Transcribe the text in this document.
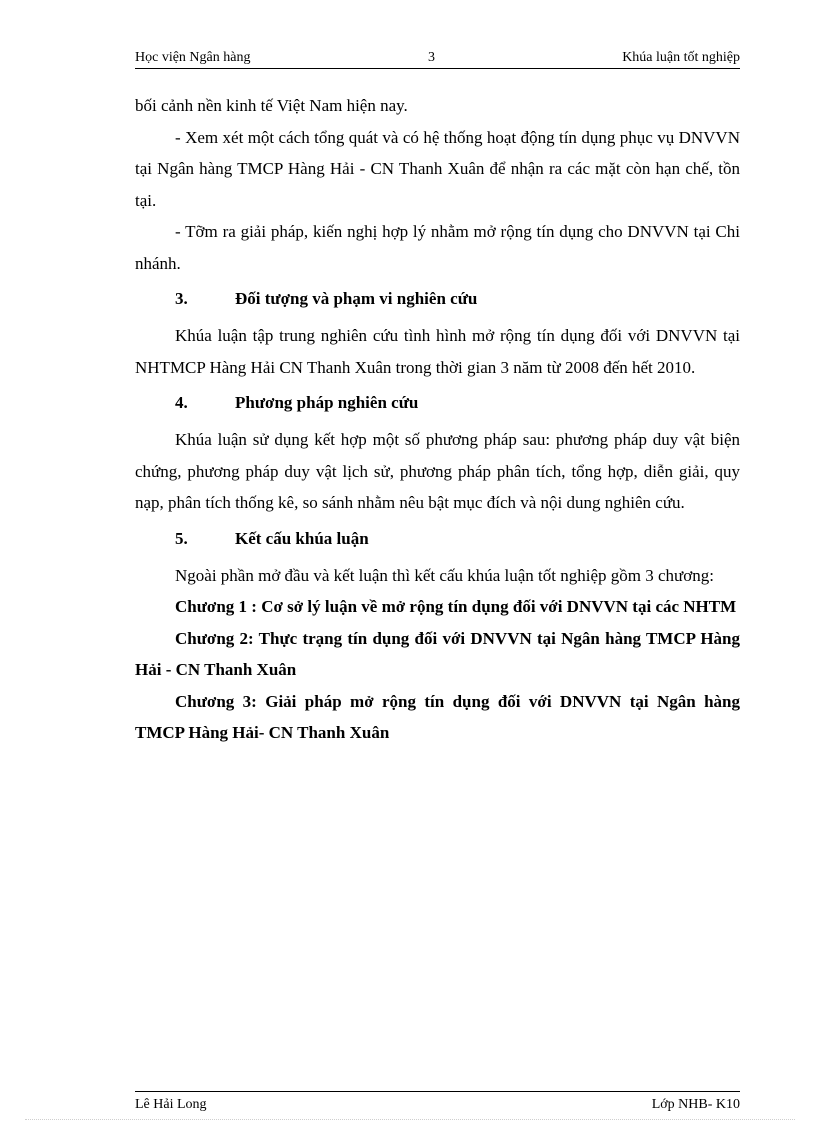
Học viện Ngân hàng	3	Khúa luận tốt nghiệp

bối cảnh nền kinh tế Việt Nam hiện nay.

- Xem xét một cách tổng quát và có hệ thống hoạt động tín dụng phục vụ DNVVN tại Ngân hàng TMCP Hàng Hải - CN Thanh Xuân để nhận ra các mặt còn hạn chế, tồn tại.

- Tỡm ra giải pháp, kiến nghị hợp lý nhằm mở rộng tín dụng cho DNVVN tại Chi nhánh.

3.	Đối tượng và phạm vi nghiên cứu

Khúa luận tập trung nghiên cứu tình hình mở rộng tín dụng đối với DNVVN tại NHTMCP Hàng Hải CN Thanh Xuân trong thời gian 3 năm từ 2008 đến hết 2010.

4.	Phương pháp nghiên cứu

Khúa luận sử dụng kết hợp một số phương pháp sau: phương pháp duy vật biện chứng, phương pháp duy vật lịch sử, phương pháp phân tích, tổng hợp, diễn giải, quy nạp, phân tích thống kê, so sánh nhằm nêu bật mục đích và nội dung nghiên cứu.

5.	Kết cấu khúa luận

Ngoài phần mở đầu và kết luận thì kết cấu khúa luận tốt nghiệp gồm 3 chương:

Chương 1 : Cơ sở lý luận về mở rộng tín dụng đối với DNVVN tại các NHTM

Chương 2: Thực trạng tín dụng đối với DNVVN tại Ngân hàng TMCP Hàng Hải - CN Thanh Xuân

Chương 3: Giải pháp mở rộng tín dụng đối với DNVVN tại Ngân hàng TMCP Hàng Hải- CN Thanh Xuân

Lê Hải Long	Lớp NHB- K10
